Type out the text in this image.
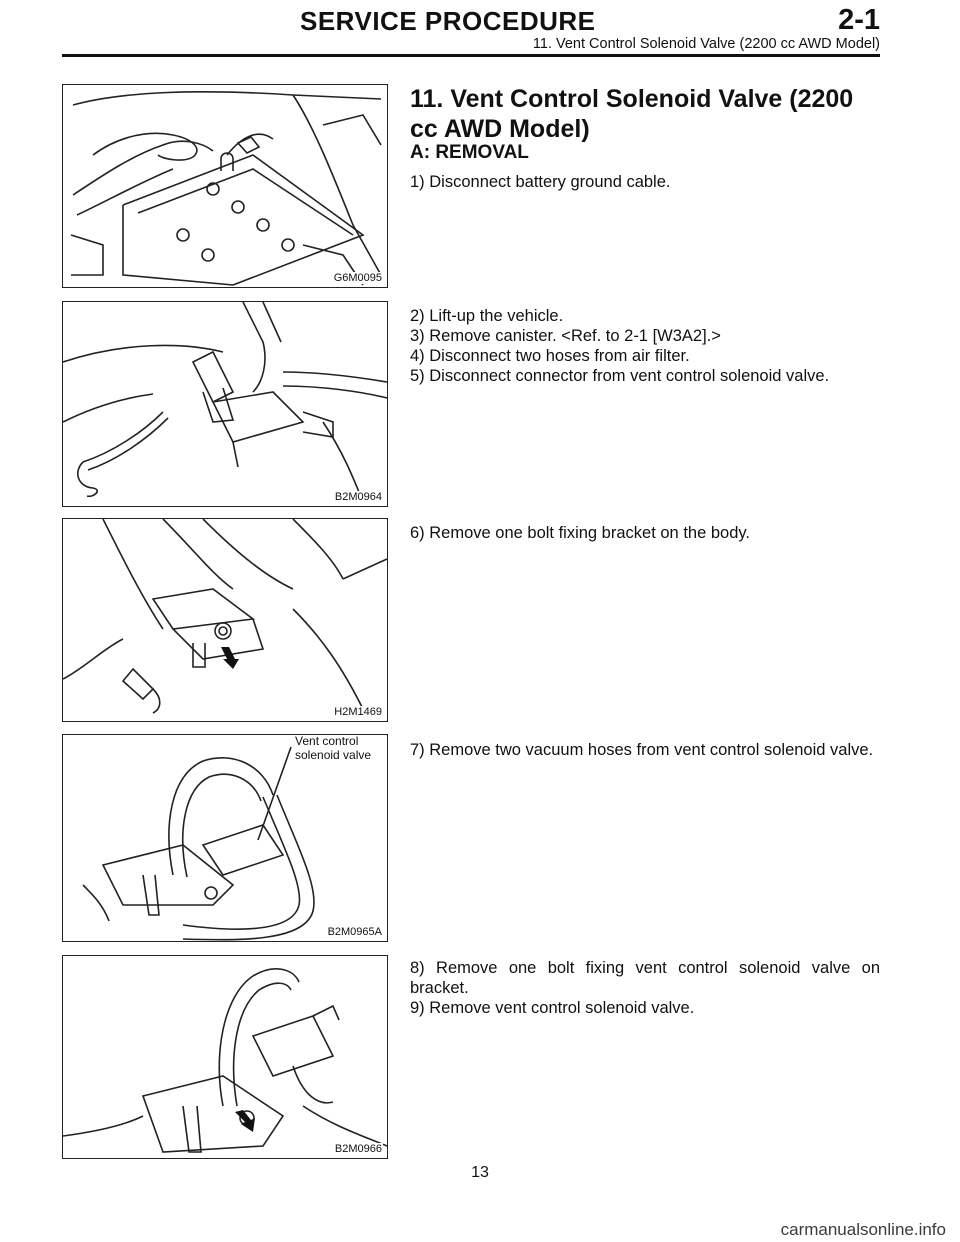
SERVICE PROCEDURE	2-1
11. Vent Control Solenoid Valve (2200 cc AWD Model)
G6M0095
B2M0964
H2M1469
Vent control
solenoid valve
B2M0965A
B2M0966
11. Vent Control Solenoid Valve (2200
cc AWD Model)
A: REMOVAL
1) Disconnect battery ground cable.
2) Lift-up the vehicle.
3) Remove canister. <Ref. to 2-1 [W3A2].>
4) Disconnect two hoses from air filter.
5) Disconnect connector from vent control solenoid valve.
6) Remove one bolt fixing bracket on the body.
7) Remove two vacuum hoses from vent control solenoid valve.
8) Remove one bolt fixing vent control solenoid valve on bracket.
9) Remove vent control solenoid valve.
13
carmanualsonline.info
